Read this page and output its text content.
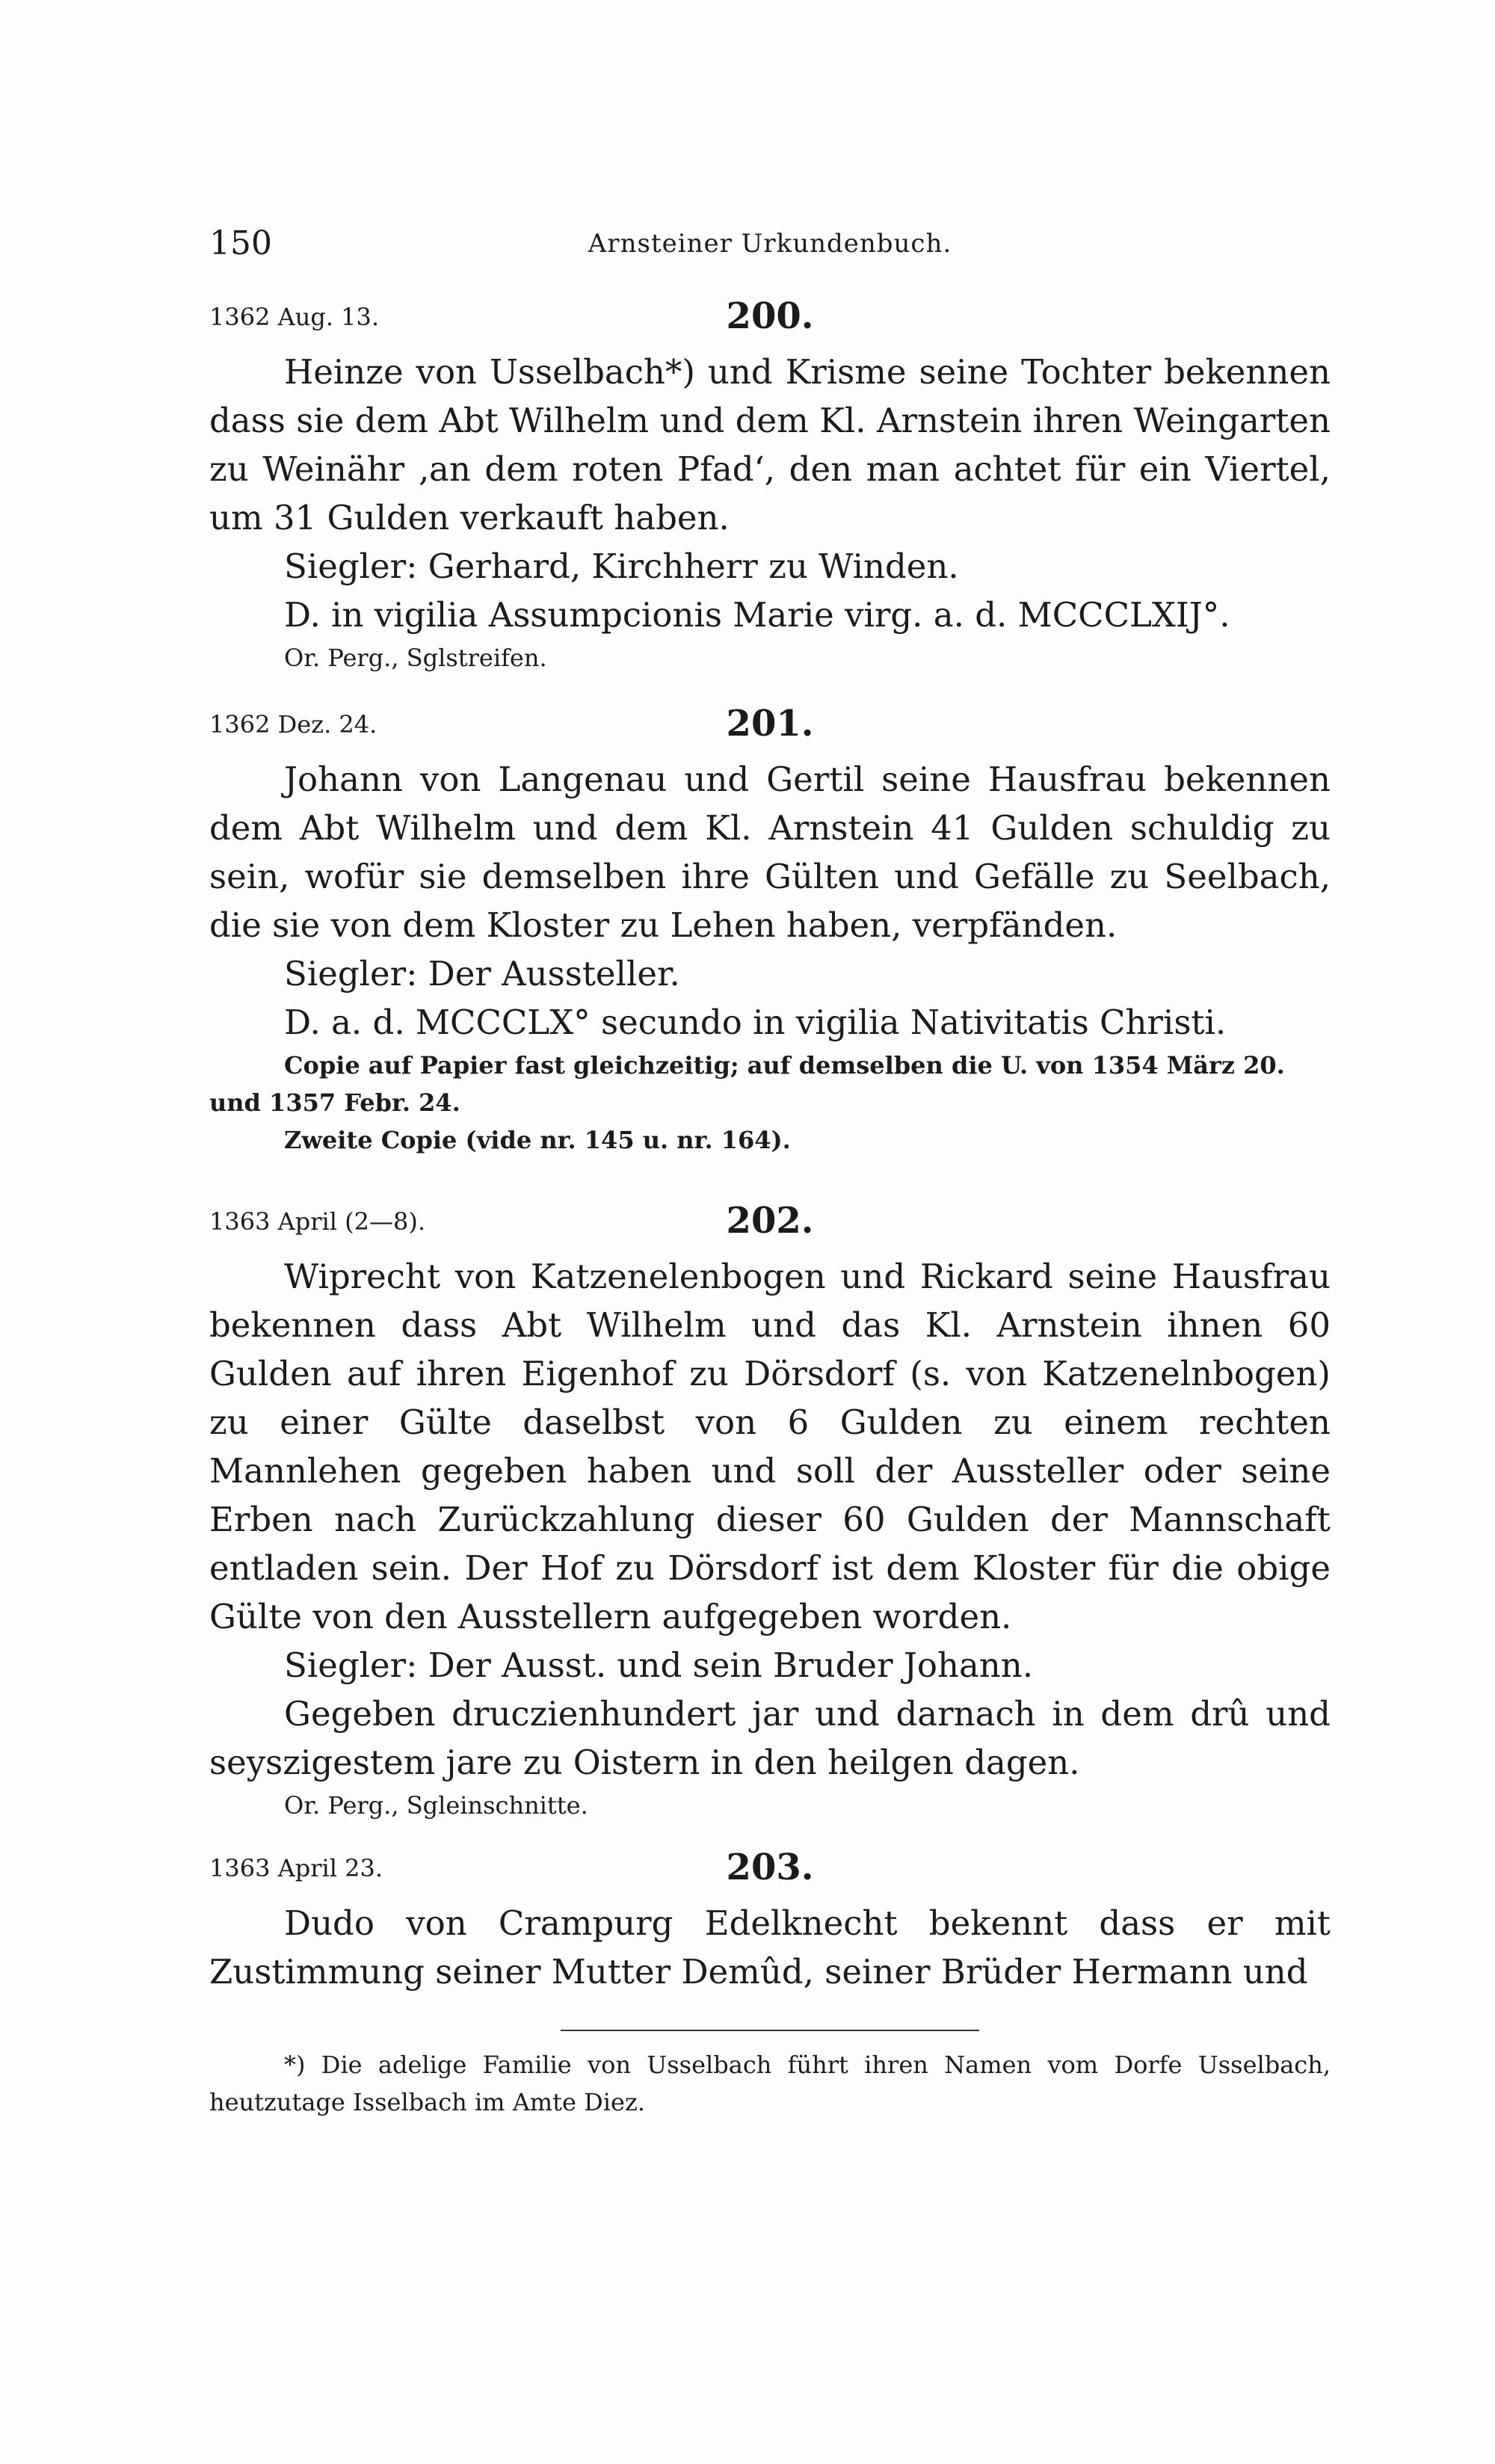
150	Arnsteiner Urkundenbuch.
1362 Aug. 13.	200.

Heinze von Usselbach*) und Krisme seine Tochter bekennen dass sie dem Abt Wilhelm und dem Kl. Arnstein ihren Weingarten zu Weinähr ‚an dem roten Pfad‘, den man achtet für ein Viertel, um 31 Gulden verkauft haben.

Siegler: Gerhard, Kirchherr zu Winden.

D. in vigilia Assumpcionis Marie virg. a. d. MCCCLXIJ°.

Or. Perg., Sglstreifen.

1362 Dez. 24.	201.

Johann von Langenau und Gertil seine Hausfrau bekennen dem Abt Wilhelm und dem Kl. Arnstein 41 Gulden schuldig zu sein, wofür sie demselben ihre Gülten und Gefälle zu Seelbach, die sie von dem Kloster zu Lehen haben, verpfänden.

Siegler: Der Aussteller.

D. a. d. MCCCLX° secundo in vigilia Nativitatis Christi.

Copie auf Papier fast gleichzeitig; auf demselben die U. von 1354 März 20. und 1357 Febr. 24.

Zweite Copie (vide nr. 145 u. nr. 164).

1363 April (2—8).	202.

Wiprecht von Katzenelenbogen und Rickard seine Hausfrau bekennen dass Abt Wilhelm und das Kl. Arnstein ihnen 60 Gulden auf ihren Eigenhof zu Dörsdorf (s. von Katzenelnbogen) zu einer Gülte daselbst von 6 Gulden zu einem rechten Mannlehen gegeben haben und soll der Aussteller oder seine Erben nach Zurückzahlung dieser 60 Gulden der Mannschaft entladen sein. Der Hof zu Dörsdorf ist dem Kloster für die obige Gülte von den Ausstellern aufgegeben worden.

Siegler: Der Ausst. und sein Bruder Johann.

Gegeben druczienhundert jar und darnach in dem drû und seyszigestem jare zu Oistern in den heilgen dagen.

Or. Perg., Sgleinschnitte.

1363 April 23.	203.

Dudo von Crampurg Edelknecht bekennt dass er mit Zustimmung seiner Mutter Demûd, seiner Brüder Hermann und

*) Die adelige Familie von Usselbach führt ihren Namen vom Dorfe Usselbach, heutzutage Isselbach im Amte Diez.
